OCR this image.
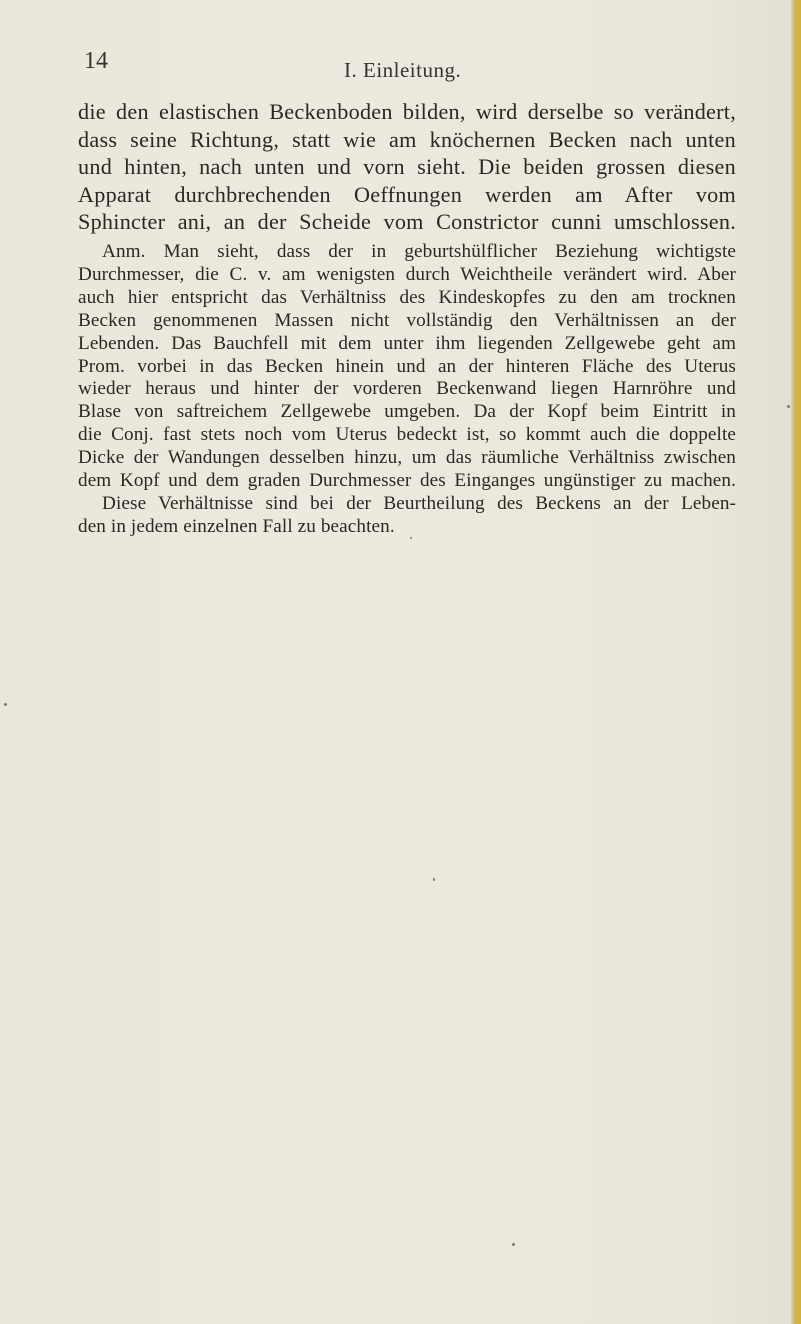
14	I. Einleitung.
die den elastischen Beckenboden bilden, wird derselbe so verändert,
dass seine Richtung, statt wie am knöchernen Becken nach unten
und hinten, nach unten und vorn sieht. Die beiden grossen diesen
Apparat durchbrechenden Oeffnungen werden am After vom
Sphincter ani, an der Scheide vom Constrictor cunni umschlossen.
Anm. Man sieht, dass der in geburtshülflicher Beziehung wichtigste
Durchmesser, die C. v. am wenigsten durch Weichtheile verändert wird. Aber
auch hier entspricht das Verhältniss des Kindeskopfes zu den am trocknen
Becken genommenen Massen nicht vollständig den Verhältnissen an der
Lebenden. Das Bauchfell mit dem unter ihm liegenden Zellgewebe geht am
Prom. vorbei in das Becken hinein und an der hinteren Fläche des Uterus
wieder heraus und hinter der vorderen Beckenwand liegen Harnröhre und
Blase von saftreichem Zellgewebe umgeben. Da der Kopf beim Eintritt in
die Conj. fast stets noch vom Uterus bedeckt ist, so kommt auch die doppelte
Dicke der Wandungen desselben hinzu, um das räumliche Verhältniss zwischen
dem Kopf und dem graden Durchmesser des Einganges ungünstiger zu machen.
Diese Verhältnisse sind bei der Beurtheilung des Beckens an der Leben-
den in jedem einzelnen Fall zu beachten.
